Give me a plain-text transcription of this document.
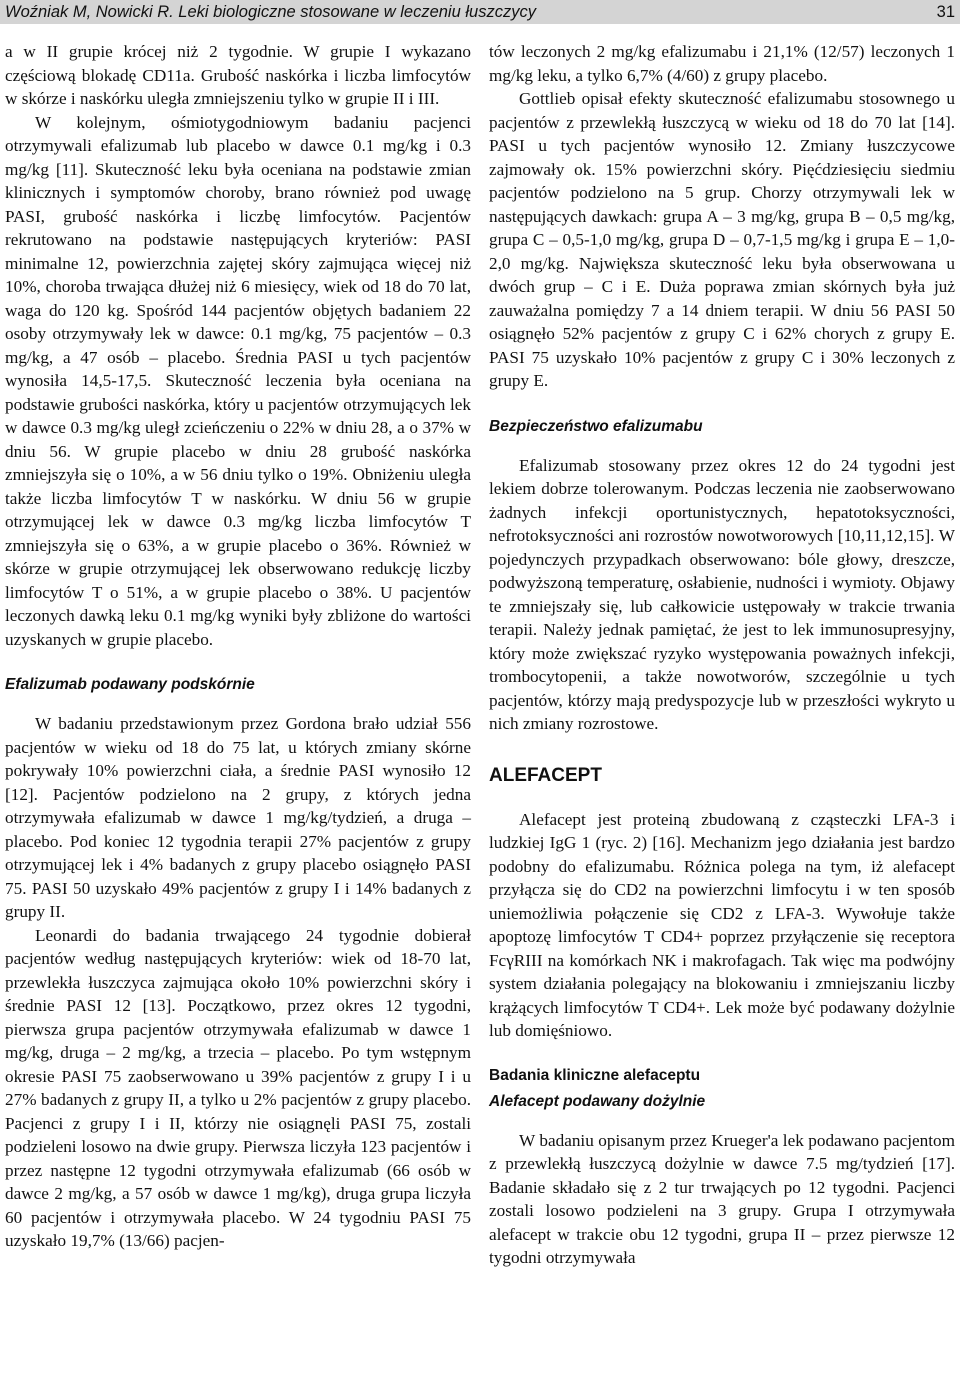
Woźniak M, Nowicki R. Leki biologiczne stosowane w leczeniu łuszczycy	31

a w II grupie krócej niż 2 tygodnie. W grupie I wykazano częściową blokadę CD11a. Grubość naskórka i liczba limfocytów w skórze i naskórku uległa zmniejszeniu tylko w grupie II i III.

W kolejnym, ośmiotygodniowym badaniu pacjenci otrzymywali efalizumab lub placebo w dawce 0.1 mg/kg i 0.3 mg/kg [11]. Skuteczność leku była oceniana na podstawie zmian klinicznych i symptomów choroby, brano również pod uwagę PASI, grubość naskórka i liczbę limfocytów. Pacjentów rekrutowano na podstawie następujących kryteriów: PASI minimalne 12, powierzchnia zajętej skóry zajmująca więcej niż 10%, choroba trwająca dłużej niż 6 miesięcy, wiek od 18 do 70 lat, waga do 120 kg. Spośród 144 pacjentów objętych badaniem 22 osoby otrzymywały lek w dawce: 0.1 mg/kg, 75 pacjentów – 0.3 mg/kg, a 47 osób – placebo. Średnia PASI u tych pacjentów wynosiła 14,5-17,5. Skuteczność leczenia była oceniana na podstawie grubości naskórka, który u pacjentów otrzymujących lek w dawce 0.3 mg/kg uległ zcieńczeniu o 22% w dniu 28, a o 37% w dniu 56. W grupie placebo w dniu 28 grubość naskórka zmniejszyła się o 10%, a w 56 dniu tylko o 19%. Obniżeniu uległa także liczba limfocytów T w naskórku. W dniu 56 w grupie otrzymującej lek w dawce 0.3 mg/kg liczba limfocytów T zmniejszyła się o 63%, a w grupie placebo o 36%. Również w skórze w grupie otrzymującej lek obserwowano redukcję liczby limfocytów T o 51%, a w grupie placebo o 38%. U pacjentów leczonych dawką leku 0.1 mg/kg wyniki były zbliżone do wartości uzyskanych w grupie placebo.

Efalizumab podawany podskórnie

W badaniu przedstawionym przez Gordona brało udział 556 pacjentów w wieku od 18 do 75 lat, u których zmiany skórne pokrywały 10% powierzchni ciała, a średnie PASI wynosiło 12 [12]. Pacjentów podzielono na 2 grupy, z których jedna otrzymywała efalizumab w dawce 1 mg/kg/tydzień, a druga – placebo. Pod koniec 12 tygodnia terapii 27% pacjentów z grupy otrzymującej lek i 4% badanych z grupy placebo osiągnęło PASI 75. PASI 50 uzyskało 49% pacjentów z grupy I i 14% badanych z grupy II.

Leonardi do badania trwającego 24 tygodnie dobierał pacjentów według następujących kryteriów: wiek od 18-70 lat, przewlekła łuszczyca zajmująca około 10% powierzchni skóry i średnie PASI 12 [13]. Początkowo, przez okres 12 tygodni, pierwsza grupa pacjentów otrzymywała efalizumab w dawce 1 mg/kg, druga – 2 mg/kg, a trzecia – placebo. Po tym wstępnym okresie PASI 75 zaobserwowano u 39% pacjentów z grupy I i u 27% badanych z grupy II, a tylko u 2% pacjentów z grupy placebo. Pacjenci z grupy I i II, którzy nie osiągnęli PASI 75, zostali podzieleni losowo na dwie grupy. Pierwsza liczyła 123 pacjentów i przez następne 12 tygodni otrzymywała efalizumab (66 osób w dawce 2 mg/kg, a 57 osób w dawce 1 mg/kg), druga grupa liczyła 60 pacjentów i otrzymywała placebo. W 24 tygodniu PASI 75 uzyskało 19,7% (13/66) pacjen-

tów leczonych 2 mg/kg efalizumabu i 21,1% (12/57) leczonych 1 mg/kg leku, a tylko 6,7% (4/60) z grupy placebo.

Gottlieb opisał efekty skuteczność efalizumabu stosownego u pacjentów z przewlekłą łuszczycą w wieku od 18 do 70 lat [14]. PASI u tych pacjentów wynosiło 12. Zmiany łuszczycowe zajmowały ok. 15% powierzchni skóry. Pięćdziesięciu siedmiu pacjentów podzielono na 5 grup. Chorzy otrzymywali lek w następujących dawkach: grupa A – 3 mg/kg, grupa B – 0,5 mg/kg, grupa C – 0,5-1,0 mg/kg, grupa D – 0,7-1,5 mg/kg i grupa E – 1,0-2,0 mg/kg. Największa skuteczność leku była obserwowana u dwóch grup – C i E. Duża poprawa zmian skórnych była już zauważalna pomiędzy 7 a 14 dniem terapii. W dniu 56 PASI 50 osiągnęło 52% pacjentów z grupy C i 62% chorych z grupy E. PASI 75 uzyskało 10% pacjentów z grupy C i 30% leczonych z grupy E.

Bezpieczeństwo efalizumabu

Efalizumab stosowany przez okres 12 do 24 tygodni jest lekiem dobrze tolerowanym. Podczas leczenia nie zaobserwowano żadnych infekcji oportunistycznych, hepatotoksyczności, nefrotoksyczności ani rozrostów nowotworowych [10,11,12,15]. W pojedynczych przypadkach obserwowano: bóle głowy, dreszcze, podwyższoną temperaturę, osłabienie, nudności i wymioty. Objawy te zmniejszały się, lub całkowicie ustępowały w trakcie trwania terapii. Należy jednak pamiętać, że jest to lek immunosupresyjny, który może zwiększać ryzyko występowania poważnych infekcji, trombocytopenii, a także nowotworów, szczególnie u tych pacjentów, którzy mają predyspozycje lub w przeszłości wykryto u nich zmiany rozrostowe.

ALEFACEPT

Alefacept jest proteiną zbudowaną z cząsteczki LFA-3 i ludzkiej IgG 1 (ryc. 2) [16]. Mechanizm jego działania jest bardzo podobny do efalizumabu. Różnica polega na tym, iż alefacept przyłącza się do CD2 na powierzchni limfocytu i w ten sposób uniemożliwia połączenie się CD2 z LFA-3. Wywołuje także apoptozę limfocytów T CD4+ poprzez przyłączenie się receptora FcγRIII na komórkach NK i makrofagach. Tak więc ma podwójny system działania polegający na blokowaniu i zmniejszaniu liczby krążących limfocytów T CD4+. Lek może być podawany dożylnie lub domięśniowo.

Badania kliniczne alefaceptu
Alefacept podawany dożylnie

W badaniu opisanym przez Krueger'a lek podawano pacjentom z przewlekłą łuszczycą dożylnie w dawce 7.5 mg/tydzień [17]. Badanie składało się z 2 tur trwających po 12 tygodni. Pacjenci zostali losowo podzieleni na 3 grupy. Grupa I otrzymywała alefacept w trakcie obu 12 tygodni, grupa II – przez pierwsze 12 tygodni otrzymywała
